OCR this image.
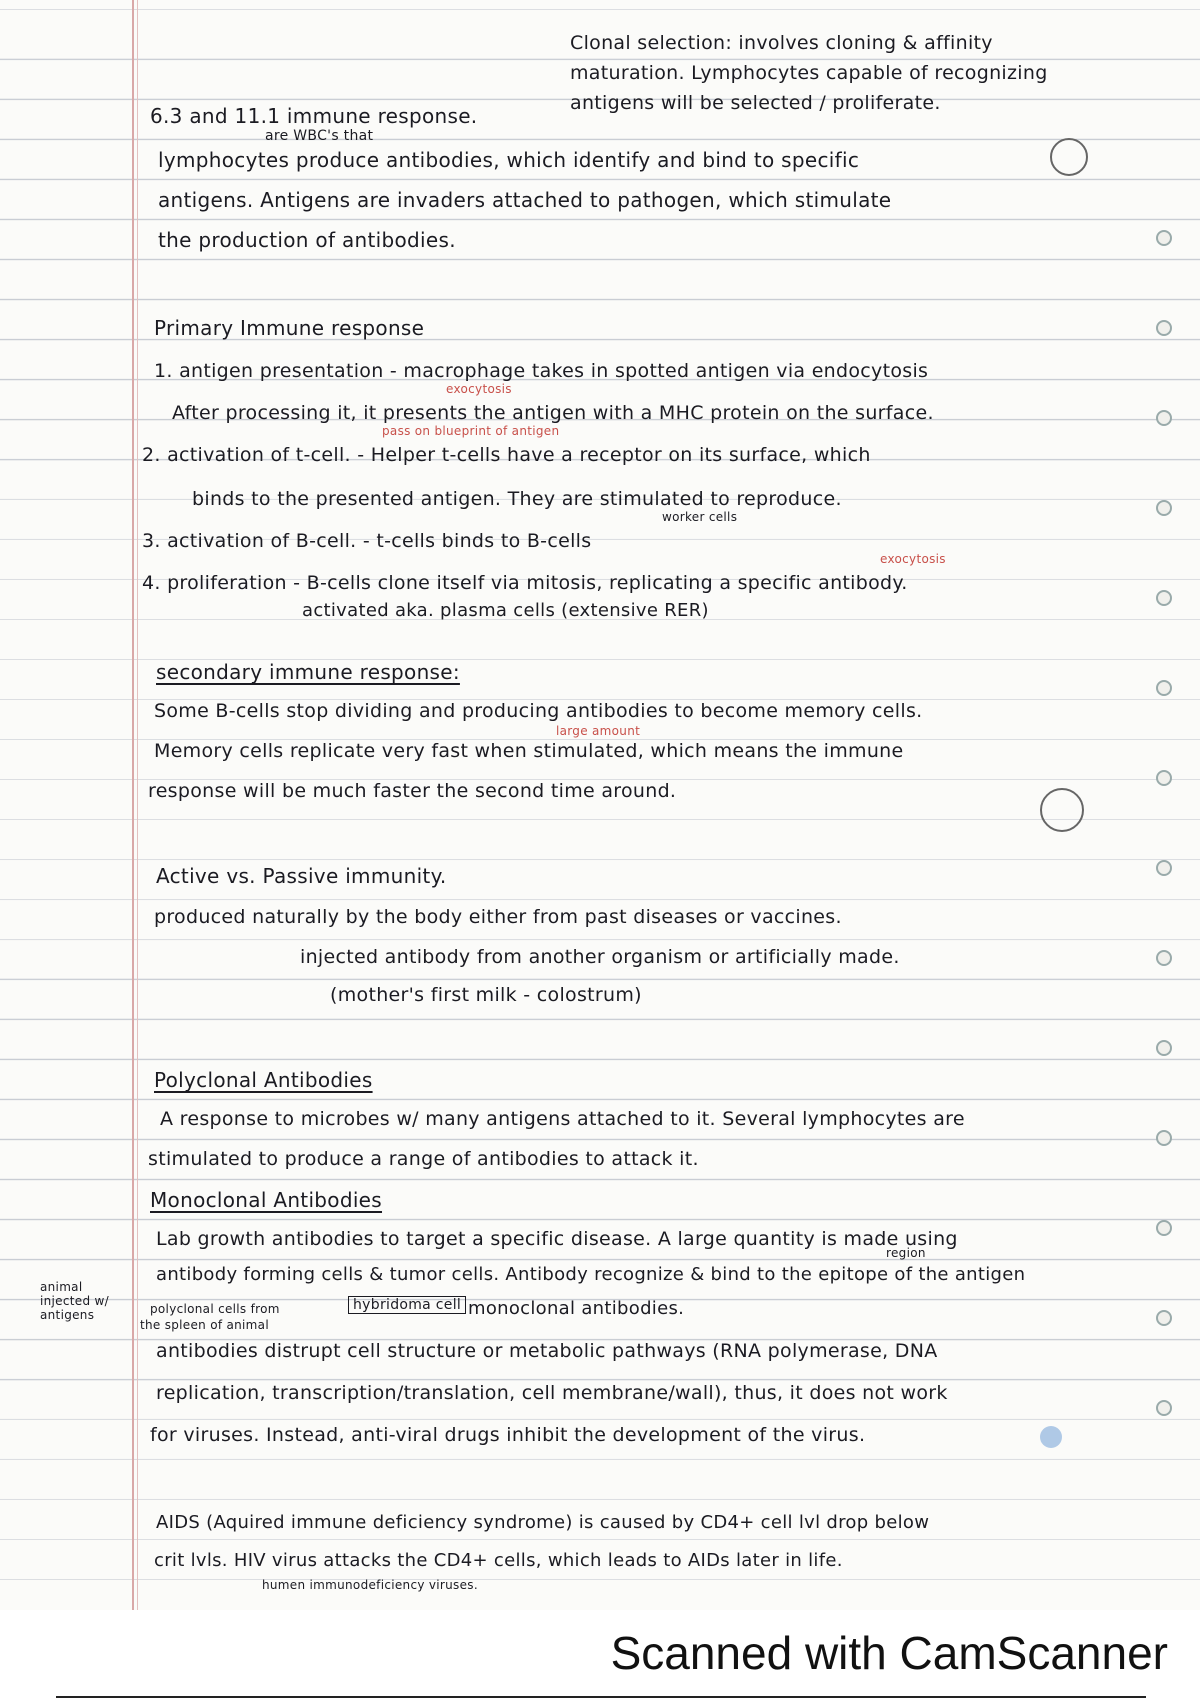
Clonal selection: involves cloning & affinity
maturation. Lymphocytes capable of recognizing
antigens will be selected / proliferate.
6.3 and 11.1 immune response.
are WBC's that
lymphocytes produce antibodies, which identify and bind to specific
antigens. Antigens are invaders attached to pathogen, which stimulate
the production of antibodies.
Primary Immune response
1. antigen presentation - macrophage takes in spotted antigen via endocytosis
exocytosis
After processing it, it presents the antigen with a MHC protein on the surface.
pass on blueprint of antigen
2. activation of t-cell. - Helper t-cells have a receptor on its surface, which
binds to the presented antigen. They are stimulated to reproduce.
worker cells
3. activation of B-cell. - t-cells binds to B-cells
exocytosis
4. proliferation - B-cells clone itself via mitosis, replicating a specific antibody.
activated aka. plasma cells (extensive RER)
secondary immune response:
Some B-cells stop dividing and producing antibodies to become memory cells.
large amount
Memory cells replicate very fast when stimulated, which means the immune
response will be much faster the second time around.
Active vs. Passive immunity.
produced naturally by the body either from past diseases or vaccines.
injected antibody from another organism or artificially made.
(mother's first milk - colostrum)
Polyclonal Antibodies
A response to microbes w/ many antigens attached to it. Several lymphocytes are
stimulated to produce a range of antibodies to attack it.
Monoclonal Antibodies
Lab growth antibodies to target a specific disease. A large quantity is made using
region
antibody forming cells & tumor cells. Antibody recognize & bind to the epitope of the antigen
animal
injected w/
antigens	polyclonal cells from
the spleen of animal
hybridoma cell monoclonal antibodies.
antibodies distrupt cell structure or metabolic pathways (RNA polymerase, DNA
replication, transcription/translation, cell membrane/wall), thus, it does not work
for viruses. Instead, anti-viral drugs inhibit the development of the virus.
AIDS (Aquired immune deficiency syndrome) is caused by CD4+ cell lvl drop below
crit lvls. HIV virus attacks the CD4+ cells, which leads to AIDs later in life.
humen immunodeficiency viruses.
Scanned with CamScanner
